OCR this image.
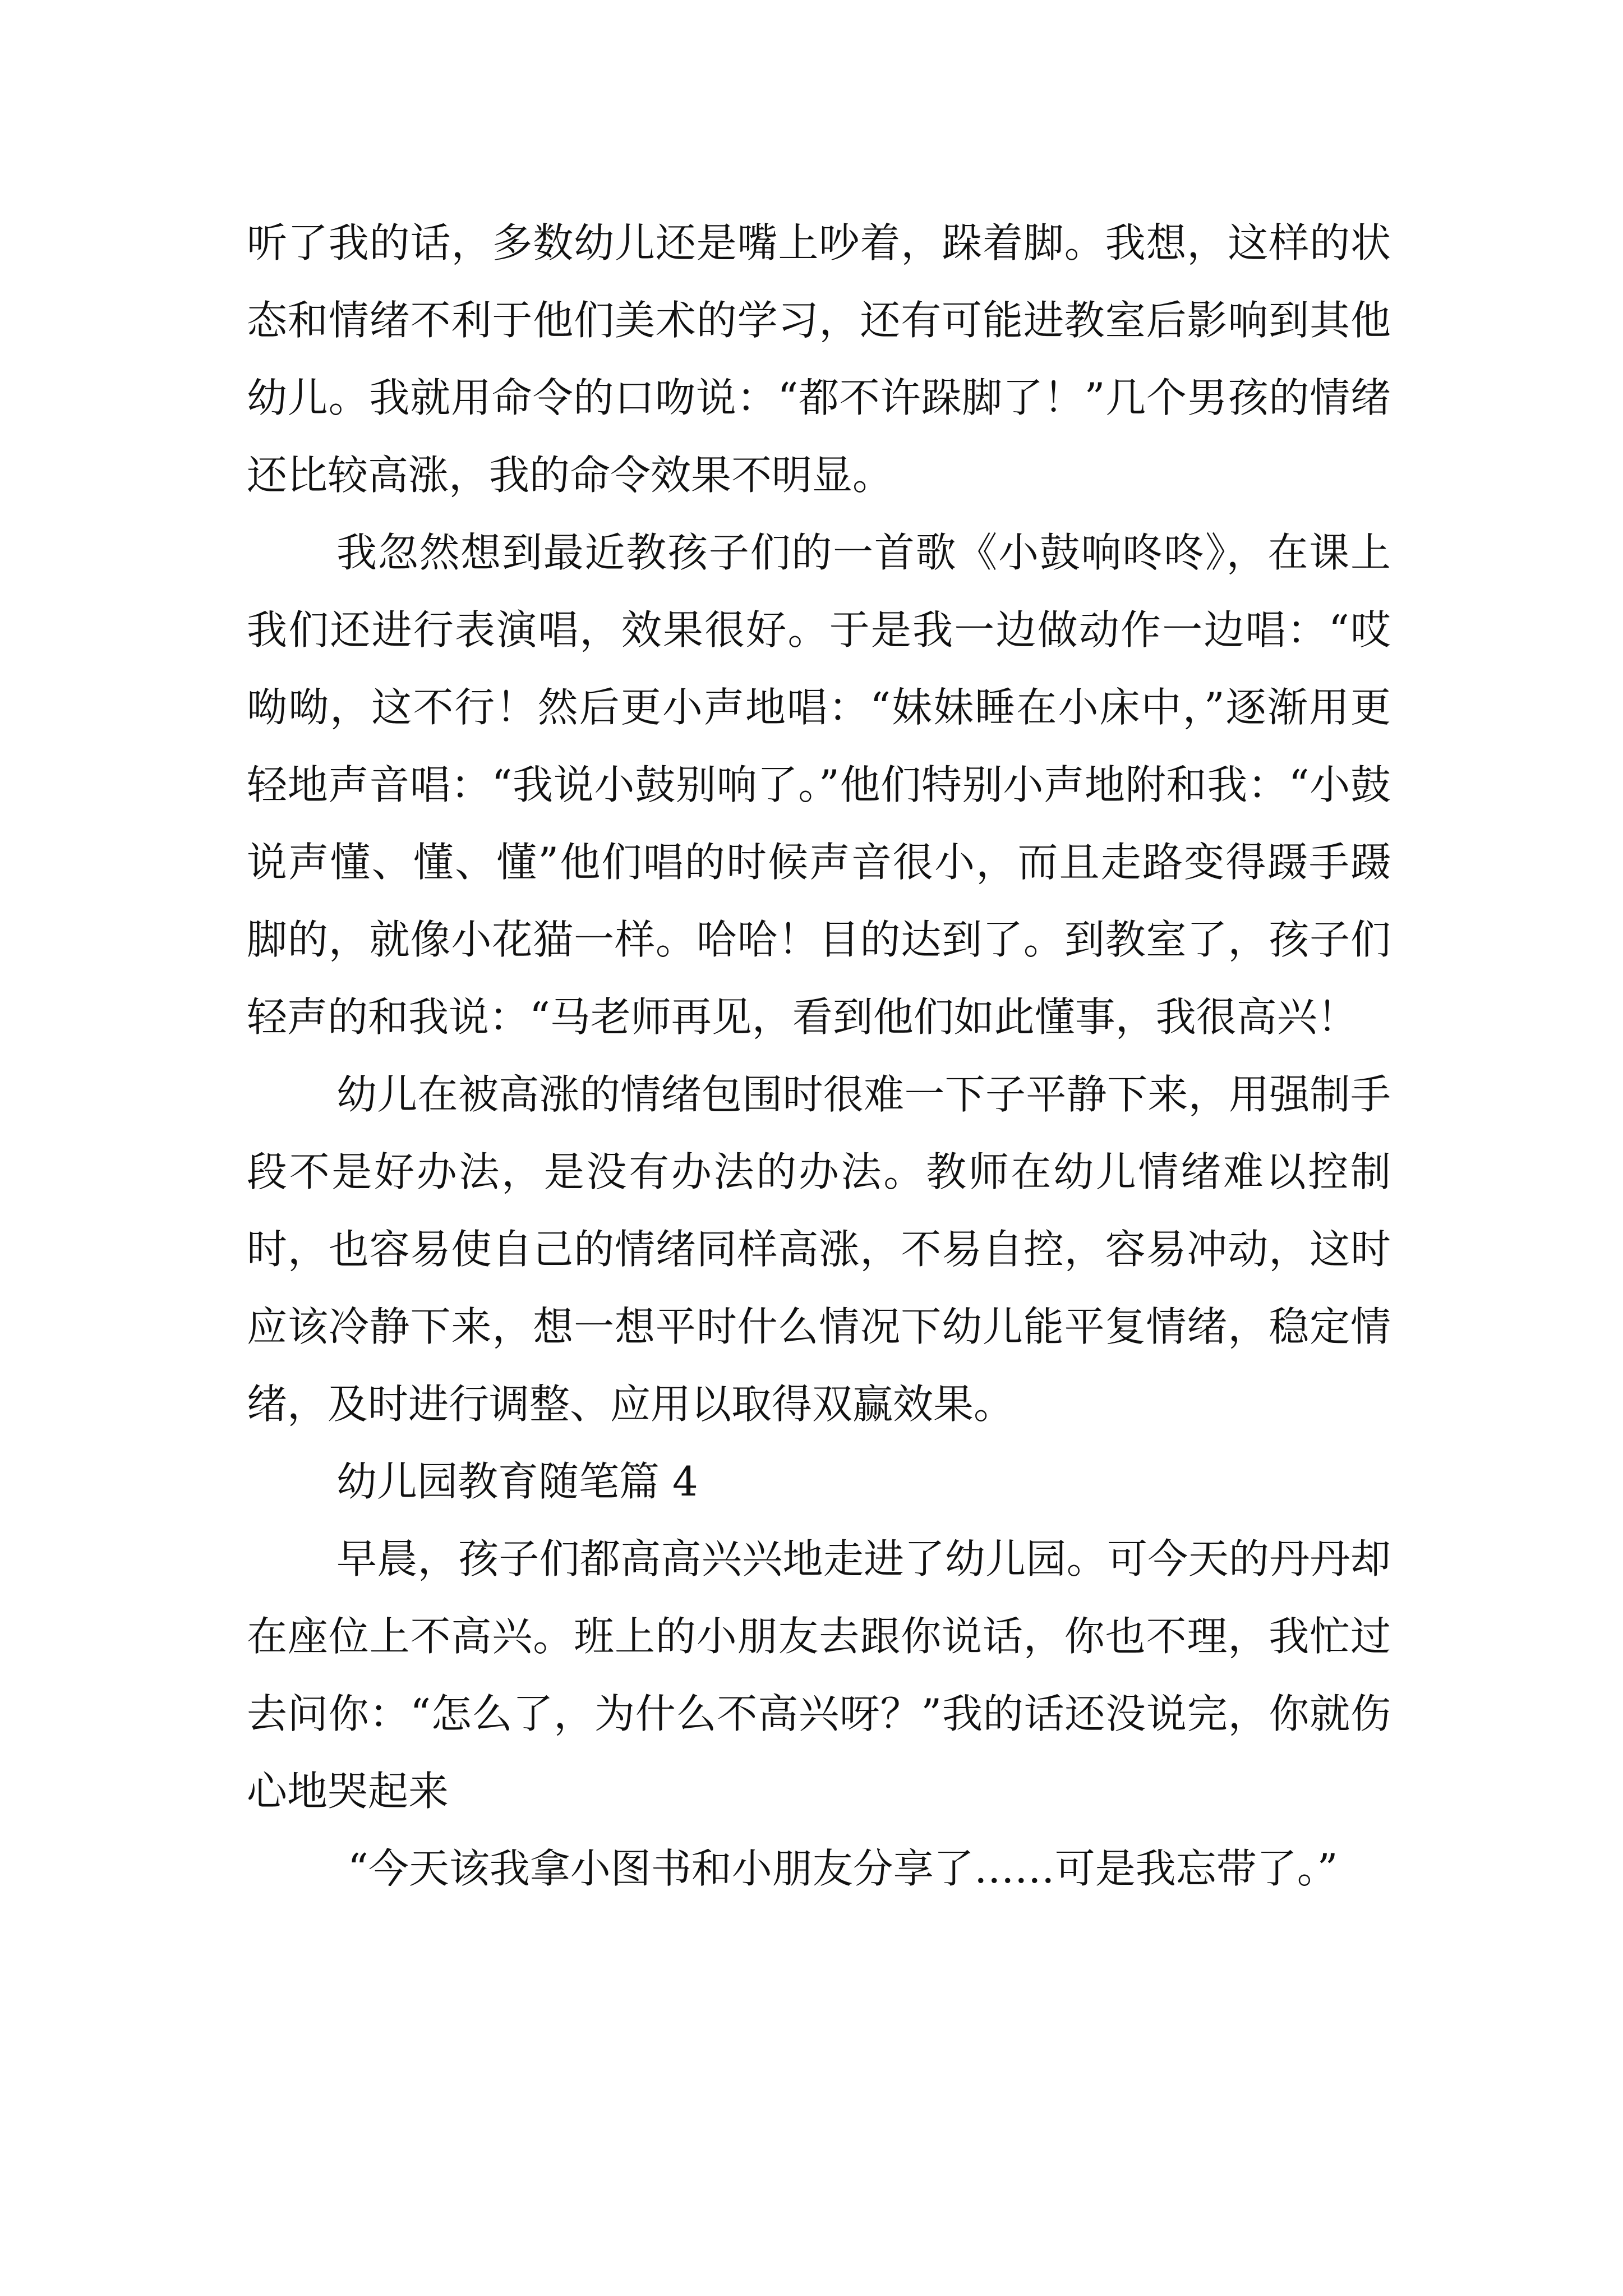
听了我的话，多数幼儿还是嘴上吵着，跺着脚。我想，这样的状态和情绪不利于他们美术的学习，还有可能进教室后影响到其他幼儿。我就用命令的口吻说：“都不许跺脚了！”几个男孩的情绪还比较高涨，我的命令效果不明显。

我忽然想到最近教孩子们的一首歌《小鼓响咚咚》，在课上我们还进行表演唱，效果很好。于是我一边做动作一边唱：“哎呦呦，这不行！然后更小声地唱：“妹妹睡在小床中，”逐渐用更轻地声音唱：“我说小鼓别响了。”他们特别小声地附和我：“小鼓说声懂、懂、懂”他们唱的时候声音很小，而且走路变得蹑手蹑脚的，就像小花猫一样。哈哈！目的达到了。到教室了，孩子们轻声的和我说：“马老师再见，看到他们如此懂事，我很高兴！

幼儿在被高涨的情绪包围时很难一下子平静下来，用强制手段不是好办法，是没有办法的办法。教师在幼儿情绪难以控制时，也容易使自己的情绪同样高涨，不易自控，容易冲动，这时应该冷静下来，想一想平时什么情况下幼儿能平复情绪，稳定情绪，及时进行调整、应用以取得双赢效果。

幼儿园教育随笔篇 4

早晨，孩子们都高高兴兴地走进了幼儿园。可今天的丹丹却在座位上不高兴。班上的小朋友去跟你说话，你也不理，我忙过去问你：“怎么了，为什么不高兴呀？”我的话还没说完，你就伤心地哭起来

“今天该我拿小图书和小朋友分享了……可是我忘带了。”
